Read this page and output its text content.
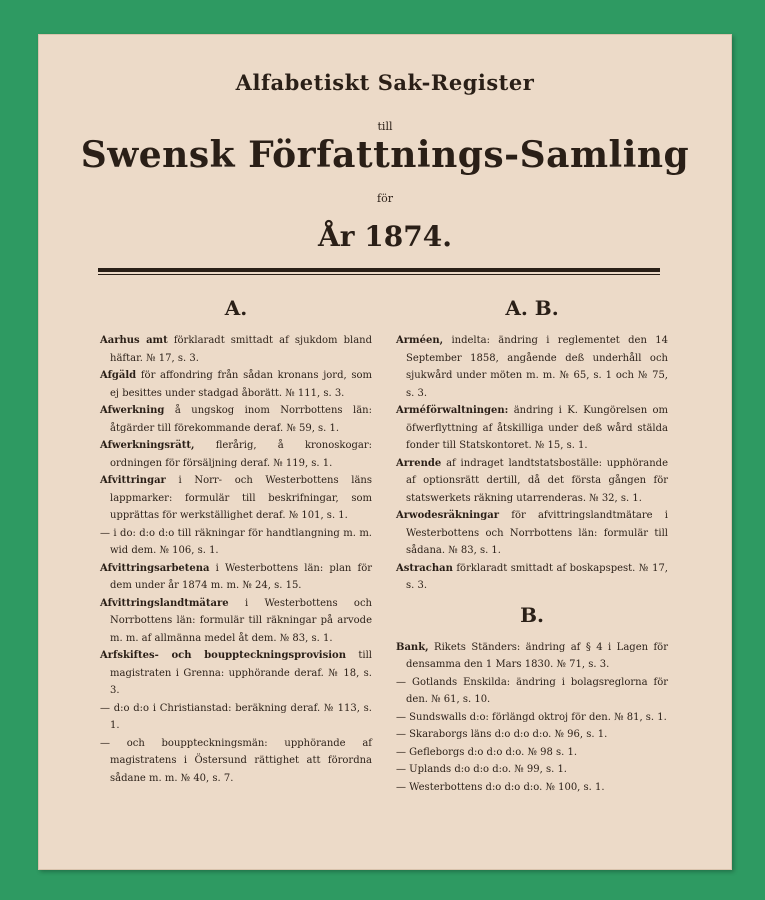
Alfabetiskt Sak-Register
till
Swensk Författnings-Samling
för
År 1874.
A.

Aarhus amt förklaradt smittadt af sjukdom bland häftar. № 17, s. 3.

Afgäld för affondring från sådan kronans jord, som ej besittes under stadgad åborätt. № 111, s. 3.

Afwerkning å ungskog inom Norrbottens län: åtgärder till förekommande deraf. № 59, s. 1.

Afwerkningsrätt, flerårig, å kronoskogar: ordningen för försäljning deraf. № 119, s. 1.

Afvittringar i Norr- och Westerbottens läns lappmarker: formulär till beskrifningar, som upprättas för werkställighet deraf. № 101, s. 1.

— i do: d:o d:o till räkningar för handtlangning m. m. wid dem. № 106, s. 1.

Afvittringsarbetena i Westerbottens län: plan för dem under år 1874 m. m. № 24, s. 15.

Afvittringslandtmätare i Westerbottens och Norrbottens län: formulär till räkningar på arvode m. m. af allmänna medel åt dem. № 83, s. 1.

Arfskiftes- och bouppteckningsprovision till magistraten i Grenna: upphörande deraf. № 18, s. 3.

— d:o d:o i Christianstad: beräkning deraf. № 113, s. 1.

— och bouppteckningsmän: upphörande af magistratens i Östersund rättighet att förordna sådane m. m. № 40, s. 7.

A. B.

Arméen, indelta: ändring i reglementet den 14 September 1858, angående deß underhåll och sjukwård under möten m. m. № 65, s. 1 och № 75, s. 3.

Arméförwaltningen: ändring i K. Kungörelsen om öfwerflyttning af åtskilliga under deß wård stälda fonder till Statskontoret. № 15, s. 1.

Arrende af indraget landtstatsboställe: upphörande af optionsrätt dertill, då det första gången för statswerkets räkning utarrenderas. № 32, s. 1.

Arwodesräkningar för afvittringslandtmätare i Westerbottens och Norrbottens län: formulär till sådana. № 83, s. 1.

Astrachan förklaradt smittadt af boskapspest. № 17, s. 3.

B.

Bank, Rikets Ständers: ändring af § 4 i Lagen för densamma den 1 Mars 1830. № 71, s. 3.

— Gotlands Enskilda: ändring i bolagsreglorna för den. № 61, s. 10.

— Sundswalls d:o: förlängd oktroj för den. № 81, s. 1.

— Skaraborgs läns d:o d:o d:o. № 96, s. 1.

— Gefleborgs d:o d:o d:o. № 98 s. 1.

— Uplands d:o d:o d:o. № 99, s. 1.

— Westerbottens d:o d:o d:o. № 100, s. 1.
